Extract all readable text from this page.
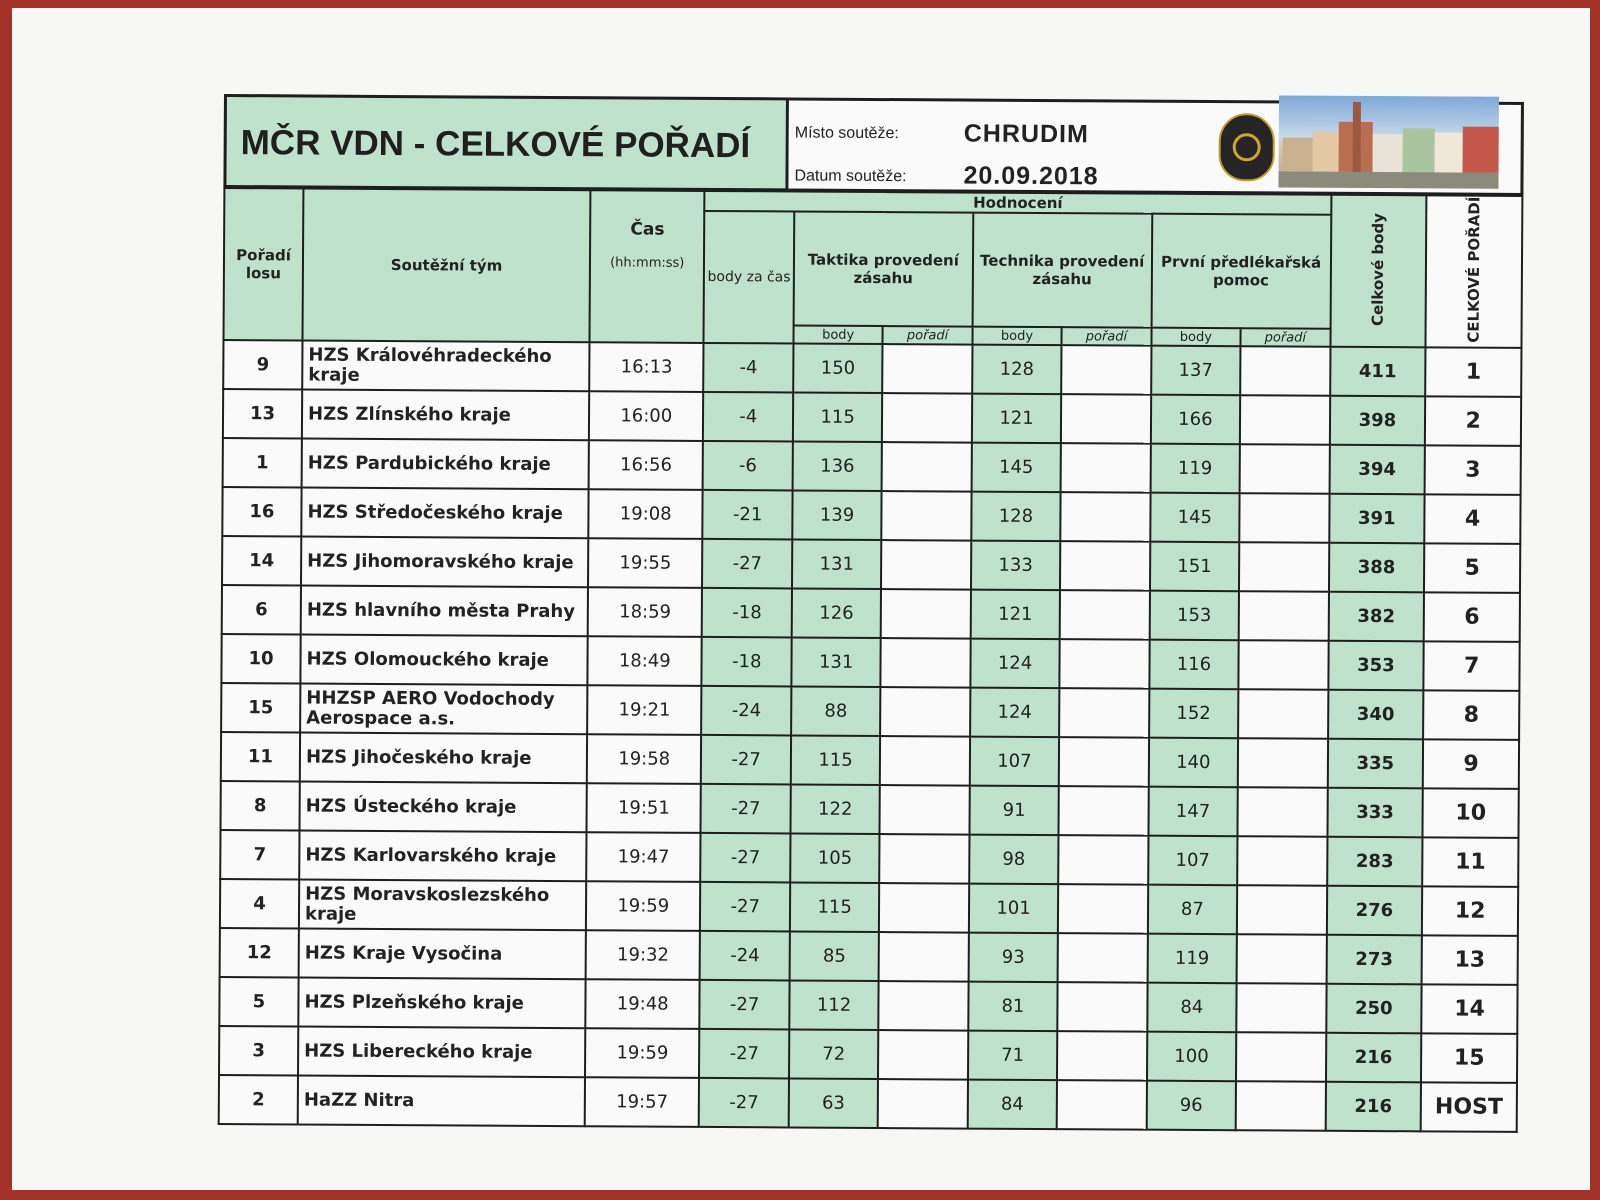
MČR VDN - CELKOVÉ POŘADÍ	Místo soutěže:	CHRUDIM
Datum soutěže: 20.09.2018
Pořadí losu	Soutěžní tým	Čas
(hh:mm:ss)	Hodnocení							Celkové body	CELKOVÉ POŘADÍ
			body za čas	Taktika provedení zásahu		Technika provedení zásahu		První předlékařská pomoc			
				body	pořadí	body	pořadí	body	pořadí		
9	HZS Královéhradeckého kraje	16:13	-4	150		128		137		411	1
13	HZS Zlínského kraje	16:00	-4	115		121		166		398	2
1	HZS Pardubického kraje	16:56	-6	136		145		119		394	3
16	HZS Středočeského kraje	19:08	-21	139		128		145		391	4
14	HZS Jihomoravského kraje	19:55	-27	131		133		151		388	5
6	HZS hlavního města Prahy	18:59	-18	126		121		153		382	6
10	HZS Olomouckého kraje	18:49	-18	131		124		116		353	7
15	HHZSP AERO Vodochody Aerospace a.s.	19:21	-24	88		124		152		340	8
11	HZS Jihočeského kraje	19:58	-27	115		107		140		335	9
8	HZS Ústeckého kraje	19:51	-27	122		91		147		333	10
7	HZS Karlovarského kraje	19:47	-27	105		98		107		283	11
4	HZS Moravskoslezského kraje	19:59	-27	115		101		87		276	12
12	HZS Kraje Vysočina	19:32	-24	85		93		119		273	13
5	HZS Plzeňského kraje	19:48	-27	112		81		84		250	14
3	HZS Libereckého kraje	19:59	-27	72		71		100		216	15
2	HaZZ Nitra	19:57	-27	63		84		96		216	HOST
